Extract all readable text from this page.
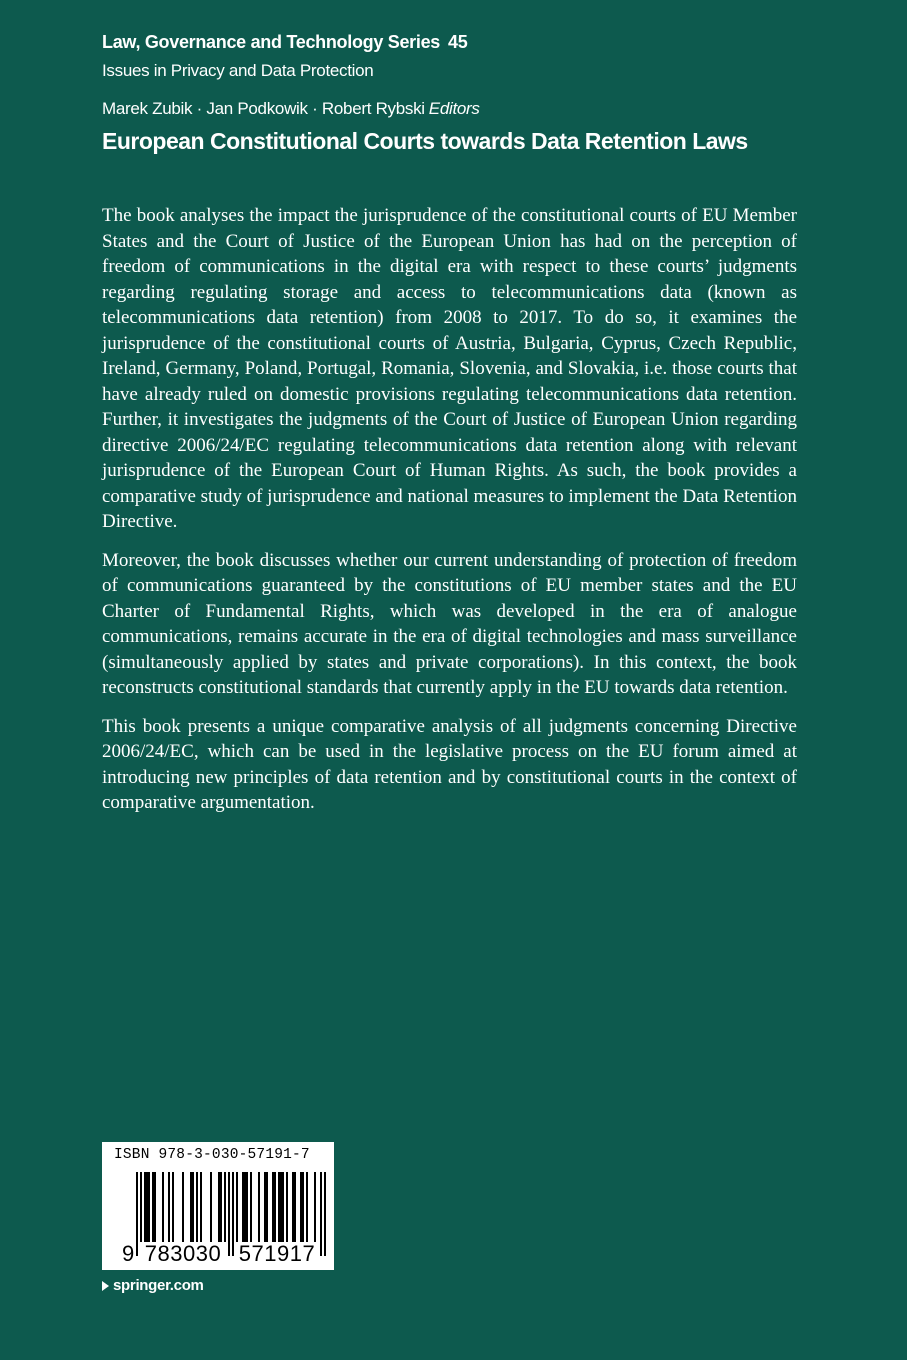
Law, Governance and Technology Series 45
Issues in Privacy and Data Protection
Marek Zubik · Jan Podkowik · Robert Rybski Editors
European Constitutional Courts towards Data Retention Laws

The book analyses the impact the jurisprudence of the constitutional courts of EU Member States and the Court of Justice of the European Union has had on the perception of freedom of communications in the digital era with respect to these courts’ judgments regarding regulating storage and access to telecommunications data (known as telecommunications data retention) from 2008 to 2017. To do so, it examines the jurisprudence of the constitutional courts of Austria, Bulgaria, Cyprus, Czech Republic, Ireland, Germany, Poland, Portugal, Romania, Slovenia, and Slovakia, i.e. those courts that have already ruled on domestic provisions regulating telecommunications data retention. Further, it investigates the judgments of the Court of Justice of European Union regarding directive 2006/24/EC regulating telecommunications data retention along with relevant jurisprudence of the European Court of Human Rights. As such, the book provides a comparative study of jurisprudence and national measures to implement the Data Retention Directive.

Moreover, the book discusses whether our current understanding of protection of freedom of communications guaranteed by the constitutions of EU member states and the EU Charter of Fundamental Rights, which was developed in the era of analogue communications, remains accurate in the era of digital technologies and mass surveillance (simultaneously applied by states and private corporations). In this context, the book reconstructs constitutional standards that currently apply in the EU towards data retention.

This book presents a unique comparative analysis of all judgments concerning Directive 2006/24/EC, which can be used in the legislative process on the EU forum aimed at introducing new principles of data retention and by constitutional courts in the context of comparative argumentation.

ISBN 978-3-030-57191-7
9 783030 571917
springer.com
